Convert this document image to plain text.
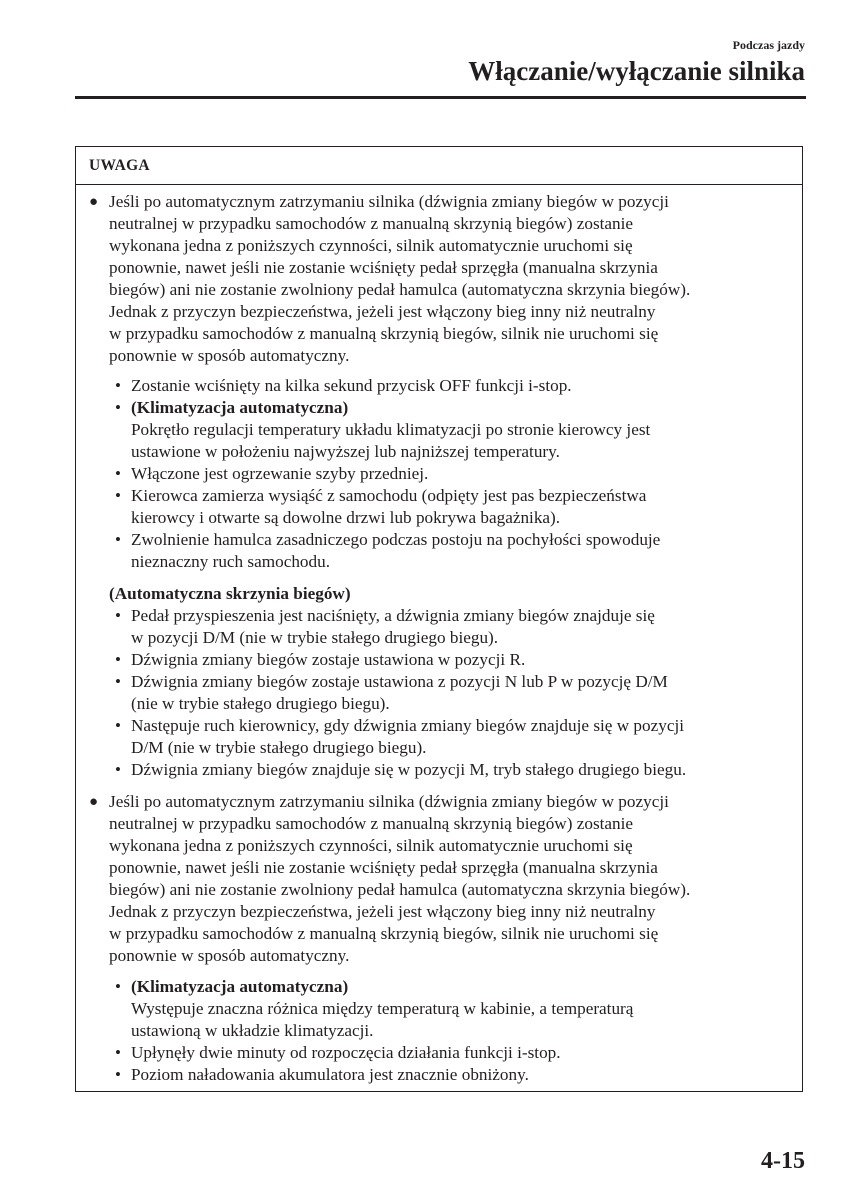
Podczas jazdy
Włączanie/wyłączanie silnika
UWAGA
● Jeśli po automatycznym zatrzymaniu silnika (dźwignia zmiany biegów w pozycji
neutralnej w przypadku samochodów z manualną skrzynią biegów) zostanie
wykonana jedna z poniższych czynności, silnik automatycznie uruchomi się
ponownie, nawet jeśli nie zostanie wciśnięty pedał sprzęgła (manualna skrzynia
biegów) ani nie zostanie zwolniony pedał hamulca (automatyczna skrzynia biegów).
Jednak z przyczyn bezpieczeństwa, jeżeli jest włączony bieg inny niż neutralny
w przypadku samochodów z manualną skrzynią biegów, silnik nie uruchomi się
ponownie w sposób automatyczny.
• Zostanie wciśnięty na kilka sekund przycisk OFF funkcji i-stop.
• (Klimatyzacja automatyczna)
Pokrętło regulacji temperatury układu klimatyzacji po stronie kierowcy jest
ustawione w położeniu najwyższej lub najniższej temperatury.
• Włączone jest ogrzewanie szyby przedniej.
• Kierowca zamierza wysiąść z samochodu (odpięty jest pas bezpieczeństwa
kierowcy i otwarte są dowolne drzwi lub pokrywa bagażnika).
• Zwolnienie hamulca zasadniczego podczas postoju na pochyłości spowoduje
nieznaczny ruch samochodu.
(Automatyczna skrzynia biegów)
• Pedał przyspieszenia jest naciśnięty, a dźwignia zmiany biegów znajduje się
w pozycji D/M (nie w trybie stałego drugiego biegu).
• Dźwignia zmiany biegów zostaje ustawiona w pozycji R.
• Dźwignia zmiany biegów zostaje ustawiona z pozycji N lub P w pozycję D/M
(nie w trybie stałego drugiego biegu).
• Następuje ruch kierownicy, gdy dźwignia zmiany biegów znajduje się w pozycji
D/M (nie w trybie stałego drugiego biegu).
• Dźwignia zmiany biegów znajduje się w pozycji M, tryb stałego drugiego biegu.
● Jeśli po automatycznym zatrzymaniu silnika (dźwignia zmiany biegów w pozycji
neutralnej w przypadku samochodów z manualną skrzynią biegów) zostanie
wykonana jedna z poniższych czynności, silnik automatycznie uruchomi się
ponownie, nawet jeśli nie zostanie wciśnięty pedał sprzęgła (manualna skrzynia
biegów) ani nie zostanie zwolniony pedał hamulca (automatyczna skrzynia biegów).
Jednak z przyczyn bezpieczeństwa, jeżeli jest włączony bieg inny niż neutralny
w przypadku samochodów z manualną skrzynią biegów, silnik nie uruchomi się
ponownie w sposób automatyczny.
• (Klimatyzacja automatyczna)
Występuje znaczna różnica między temperaturą w kabinie, a temperaturą
ustawioną w układzie klimatyzacji.
• Upłynęły dwie minuty od rozpoczęcia działania funkcji i-stop.
• Poziom naładowania akumulatora jest znacznie obniżony.
4-15
